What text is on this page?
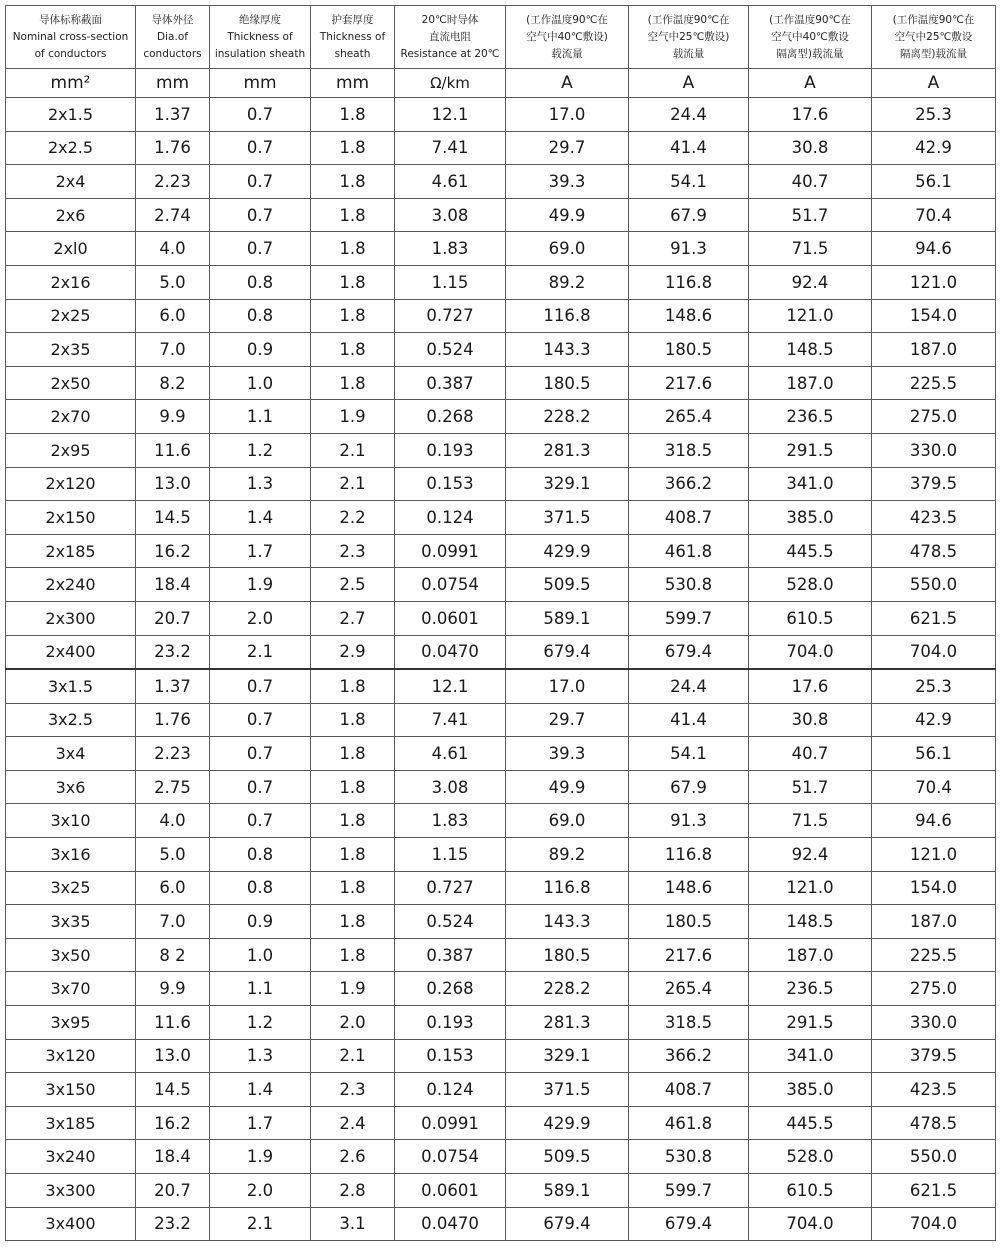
导体标称截面
Nominal cross-section
of conductors	导体外径
Dia.of
conductors	绝缘厚度
Thickness of
insulation sheath	护套厚度
Thickness of
sheath	20℃时导体
直流电阻
Resistance at 20℃	(工作温度90℃在
空气中40℃敷设)
载流量	(工作温度90℃在
空气中25℃敷设)
载流量	(工作温度90℃在
空气中40℃敷设
隔离型)载流量	(工作温度90℃在
空气中25℃敷设
隔离型)载流量

mm²	mm	mm	mm	Ω/km	A	A	A	A
2x1.5	1.37	0.7	1.8	12.1	17.0	24.4	17.6	25.3
2x2.5	1.76	0.7	1.8	7.41	29.7	41.4	30.8	42.9
2x4	2.23	0.7	1.8	4.61	39.3	54.1	40.7	56.1
2x6	2.74	0.7	1.8	3.08	49.9	67.9	51.7	70.4
2xl0	4.0	0.7	1.8	1.83	69.0	91.3	71.5	94.6
2x16	5.0	0.8	1.8	1.15	89.2	116.8	92.4	121.0
2x25	6.0	0.8	1.8	0.727	116.8	148.6	121.0	154.0
2x35	7.0	0.9	1.8	0.524	143.3	180.5	148.5	187.0
2x50	8.2	1.0	1.8	0.387	180.5	217.6	187.0	225.5
2x70	9.9	1.1	1.9	0.268	228.2	265.4	236.5	275.0
2x95	11.6	1.2	2.1	0.193	281.3	318.5	291.5	330.0
2x120	13.0	1.3	2.1	0.153	329.1	366.2	341.0	379.5
2x150	14.5	1.4	2.2	0.124	371.5	408.7	385.0	423.5
2x185	16.2	1.7	2.3	0.0991	429.9	461.8	445.5	478.5
2x240	18.4	1.9	2.5	0.0754	509.5	530.8	528.0	550.0
2x300	20.7	2.0	2.7	0.0601	589.1	599.7	610.5	621.5
2x400	23.2	2.1	2.9	0.0470	679.4	679.4	704.0	704.0
3x1.5	1.37	0.7	1.8	12.1	17.0	24.4	17.6	25.3
3x2.5	1.76	0.7	1.8	7.41	29.7	41.4	30.8	42.9
3x4	2.23	0.7	1.8	4.61	39.3	54.1	40.7	56.1
3x6	2.75	0.7	1.8	3.08	49.9	67.9	51.7	70.4
3x10	4.0	0.7	1.8	1.83	69.0	91.3	71.5	94.6
3x16	5.0	0.8	1.8	1.15	89.2	116.8	92.4	121.0
3x25	6.0	0.8	1.8	0.727	116.8	148.6	121.0	154.0
3x35	7.0	0.9	1.8	0.524	143.3	180.5	148.5	187.0
3x50	8 2	1.0	1.8	0.387	180.5	217.6	187.0	225.5
3x70	9.9	1.1	1.9	0.268	228.2	265.4	236.5	275.0
3x95	11.6	1.2	2.0	0.193	281.3	318.5	291.5	330.0
3x120	13.0	1.3	2.1	0.153	329.1	366.2	341.0	379.5
3x150	14.5	1.4	2.3	0.124	371.5	408.7	385.0	423.5
3x185	16.2	1.7	2.4	0.0991	429.9	461.8	445.5	478.5
3x240	18.4	1.9	2.6	0.0754	509.5	530.8	528.0	550.0
3x300	20.7	2.0	2.8	0.0601	589.1	599.7	610.5	621.5
3x400	23.2	2.1	3.1	0.0470	679.4	679.4	704.0	704.0
